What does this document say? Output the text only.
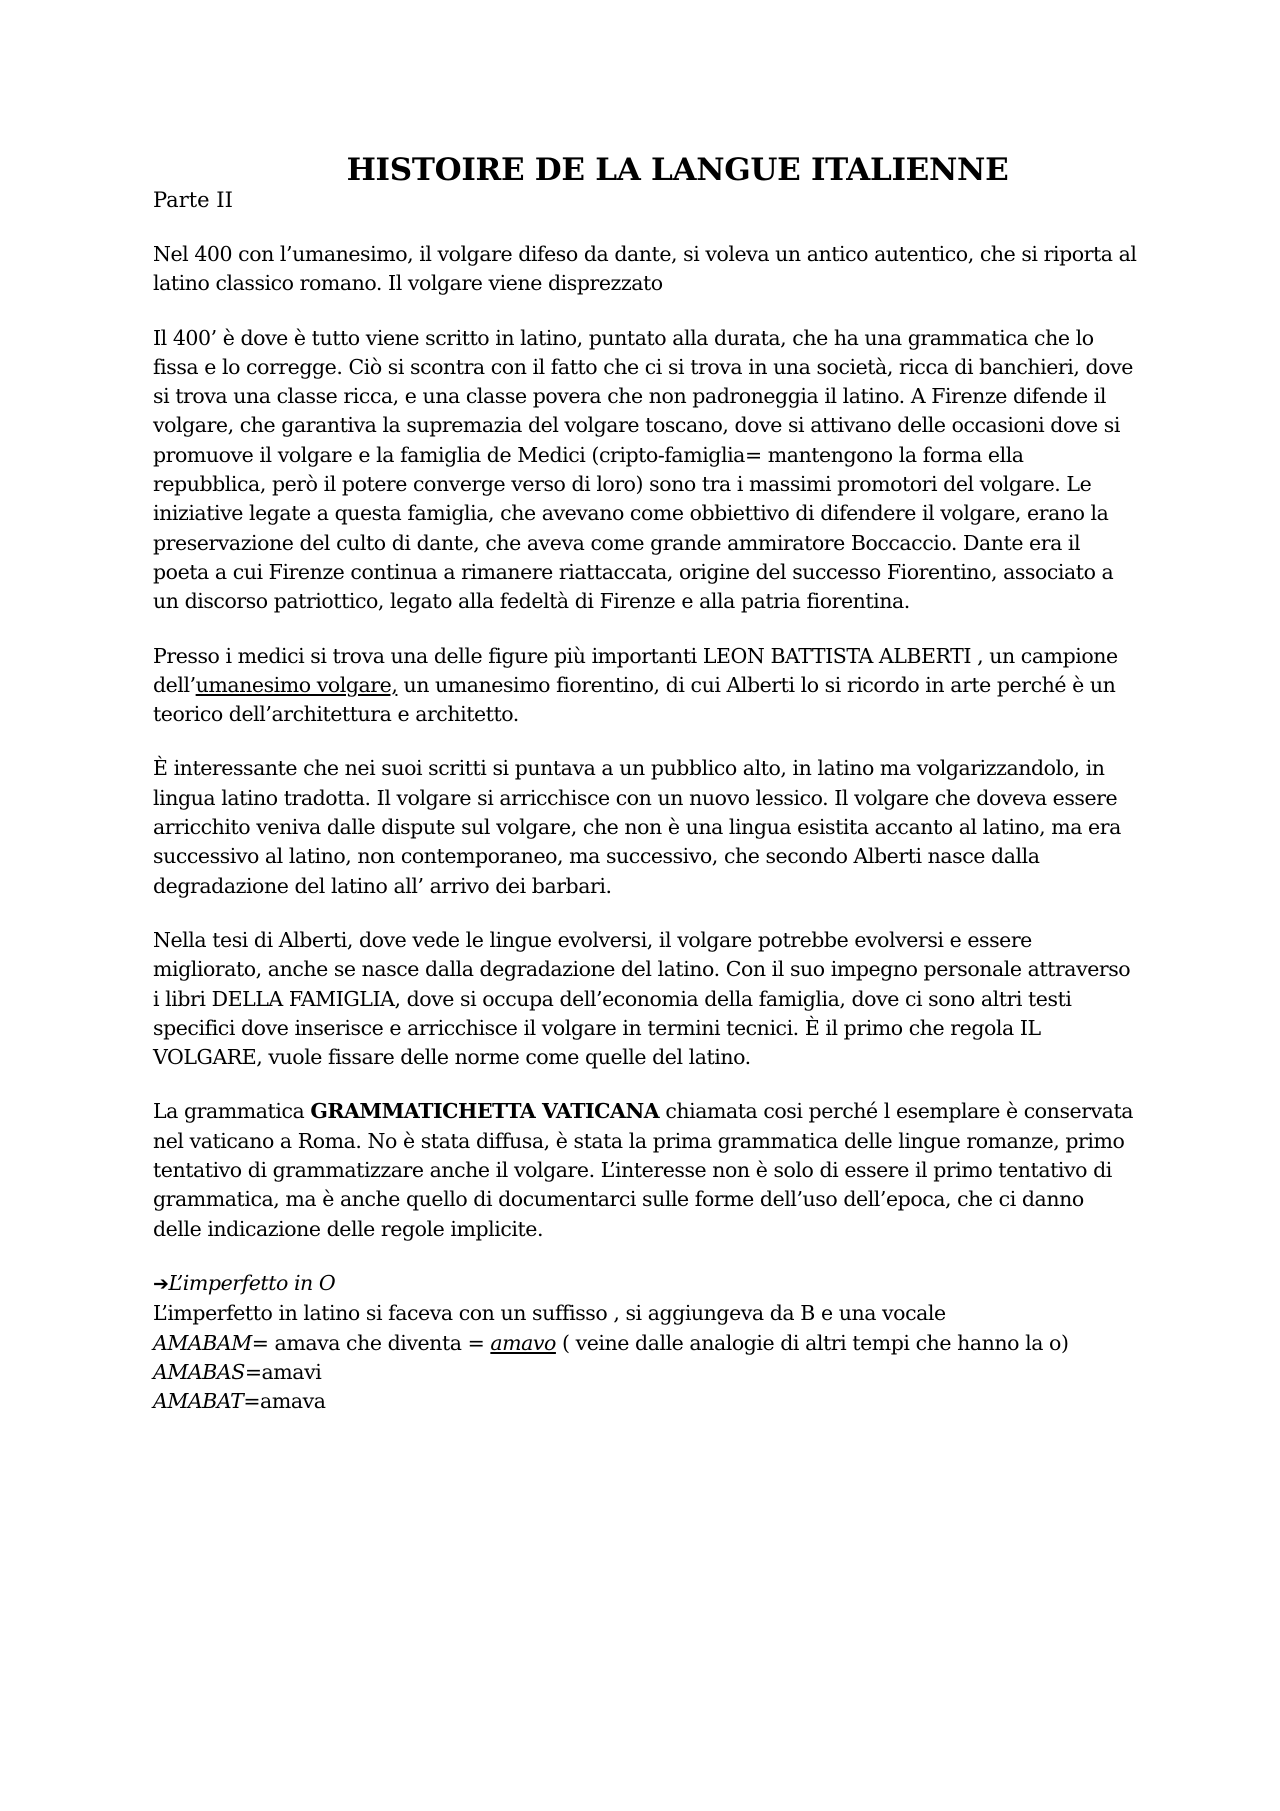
HISTOIRE DE LA LANGUE ITALIENNE
Parte II

Nel 400 con l’umanesimo, il volgare difeso da dante, si voleva un antico autentico, che si riporta al latino classico romano. Il volgare viene disprezzato

Il 400’ è dove è tutto viene scritto in latino, puntato alla durata, che ha una grammatica che lo fissa e lo corregge. Ciò si scontra con il fatto che ci si trova in una società, ricca di banchieri, dove si trova una classe ricca, e una classe povera che non padroneggia il latino. A Firenze difende il volgare, che garantiva la supremazia del volgare toscano, dove si attivano delle occasioni dove si promuove il volgare e la famiglia de Medici (cripto-famiglia= mantengono la forma ella repubblica, però il potere converge verso di loro) sono tra i massimi promotori del volgare. Le iniziative legate a questa famiglia, che avevano come obbiettivo di difendere il volgare, erano la preservazione del culto di dante, che aveva come grande ammiratore Boccaccio. Dante era il poeta a cui Firenze continua a rimanere riattaccata, origine del successo Fiorentino, associato a un discorso patriottico, legato alla fedeltà di Firenze e alla patria fiorentina.

Presso i medici si trova una delle figure più importanti LEON BATTISTA ALBERTI , un campione dell’umanesimo volgare, un umanesimo fiorentino, di cui Alberti lo si ricordo in arte perché è un teorico dell’architettura e architetto.

È interessante che nei suoi scritti si puntava a un pubblico alto, in latino ma volgarizzandolo, in lingua latino tradotta. Il volgare si arricchisce con un nuovo lessico. Il volgare che doveva essere arricchito veniva dalle dispute sul volgare, che non è una lingua esistita accanto al latino, ma era successivo al latino, non contemporaneo, ma successivo, che secondo Alberti nasce dalla degradazione del latino all’ arrivo dei barbari.

Nella tesi di Alberti, dove vede le lingue evolversi, il volgare potrebbe evolversi e essere migliorato, anche se nasce dalla degradazione del latino. Con il suo impegno personale attraverso i libri DELLA FAMIGLIA, dove si occupa dell’economia della famiglia, dove ci sono altri testi specifici dove inserisce e arricchisce il volgare in termini tecnici. È il primo che regola IL VOLGARE, vuole fissare delle norme come quelle del latino.

La grammatica GRAMMATICHETTA VATICANA chiamata cosi perché l esemplare è conservata nel vaticano a Roma. No è stata diffusa, è stata la prima grammatica delle lingue romanze, primo tentativo di grammatizzare anche il volgare. L’interesse non è solo di essere il primo tentativo di grammatica, ma è anche quello di documentarci sulle forme dell’uso dell’epoca, che ci danno delle indicazione delle regole implicite.

➔L’imperfetto in O
L’imperfetto in latino si faceva con un suffisso , si aggiungeva da B e una vocale
AMABAM= amava che diventa = amavo ( veine dalle analogie di altri tempi che hanno la o)
AMABAS=amavi
AMABAT=amava
